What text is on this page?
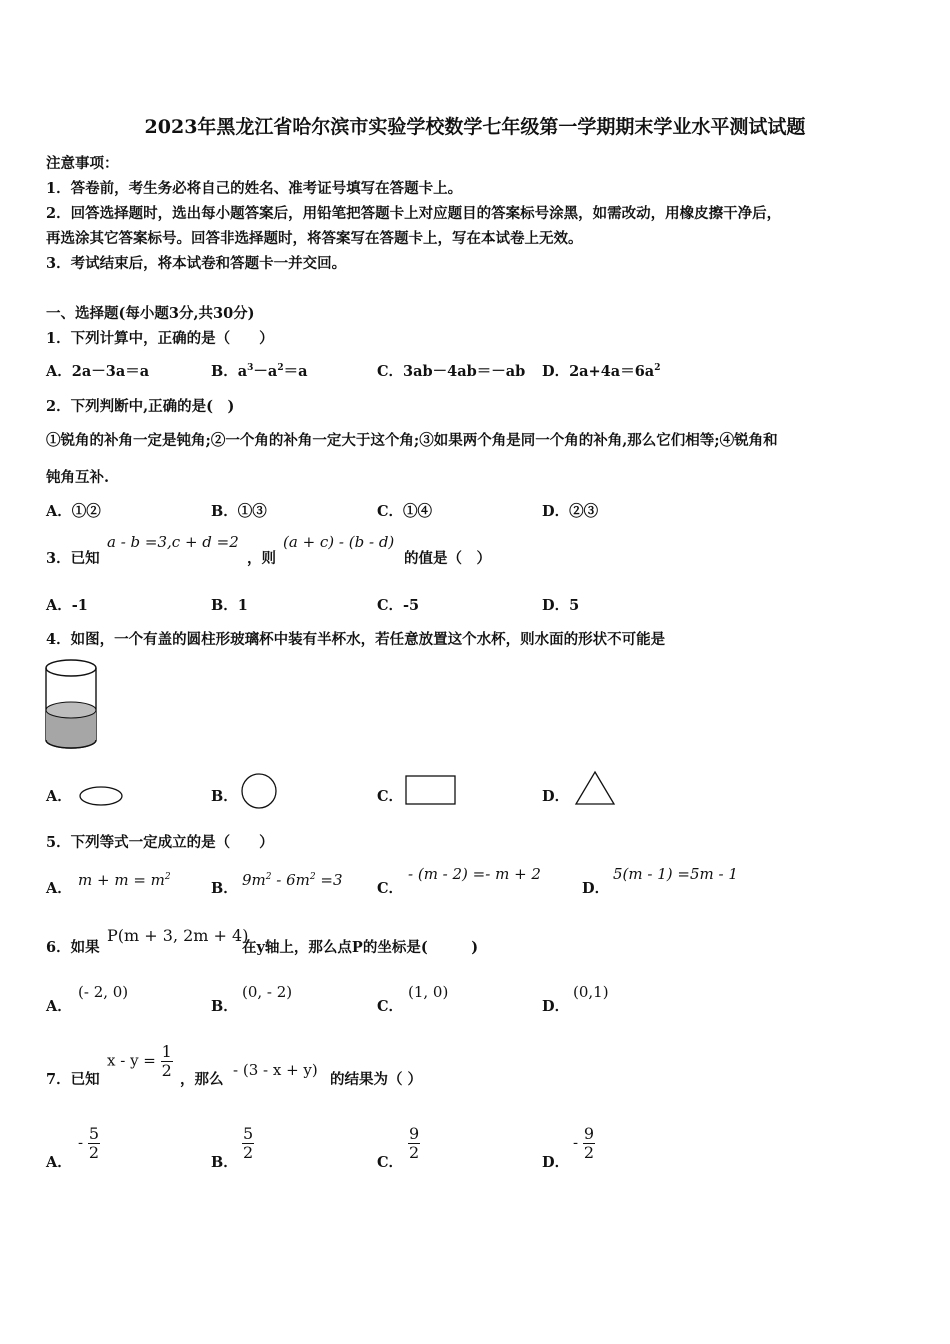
2023年黑龙江省哈尔滨市实验学校数学七年级第一学期期末学业水平测试试题
注意事项：
1．答卷前，考生务必将自己的姓名、准考证号填写在答题卡上。
2．回答选择题时，选出每小题答案后，用铅笔把答题卡上对应题目的答案标号涂黑，如需改动，用橡皮擦干净后，
再选涂其它答案标号。回答非选择题时，将答案写在答题卡上，写在本试卷上无效。
3．考试结束后，将本试卷和答题卡一并交回。
一、选择题(每小题3分,共30分)
1．下列计算中，正确的是（　　）
A．2a－3a＝a	B．$a^3-a^2=a$	C．3ab－4ab＝－ab D．$2a+4a=6a^2$
2．下列判断中,正确的是(　)
①锐角的补角一定是钝角;②一个角的补角一定大于这个角;③如果两个角是同一个角的补角,那么它们相等;④锐角和
钝角互补.
A．①②	B．①③	C．①④	D．②③
3．已知
a - b =3,c + d =2
，则
(a + c) - (b - d)
的值是（　）
A．-1	B．1	C．-5	D．5
4．如图，一个有盖的圆柱形玻璃杯中装有半杯水，若任意放置这个水杯，则水面的形状不可能是
A．	B．	C．	D．
5．下列等式一定成立的是（　　）
A． $m + m = m^2$
B． $9m^2 - 6m^2 =3$ C．
- (m - 2) =- m + 2
D．
5(m - 1) =5m - 1
6．如果
P(m + 3, 2m + 4)
在y轴上，那么点P的坐标是(　　　)
A．
(- 2, 0)
B．
(0, - 2)
C．
(1, 0)
D．
(0,1)
7．已知
$x - y = \frac{1}{2}$ ，那么
- (3 - x + y)
的结果为（ ）
A．
- $\frac{5}{2}$
B．
$\frac{5}{2}$
C．
$\frac{9}{2}$
D．
- $\frac{9}{2}$
